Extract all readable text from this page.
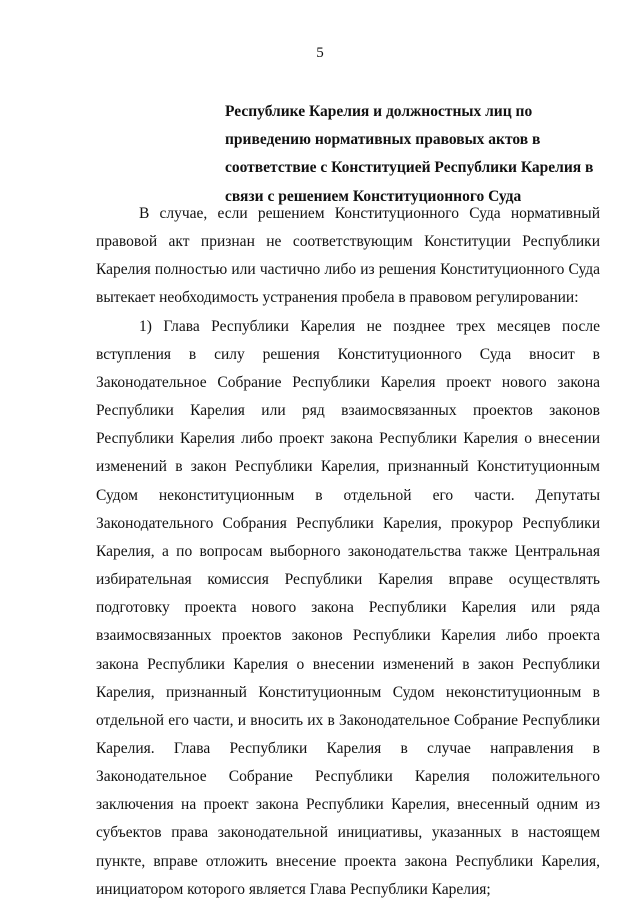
5
Республике Карелия и должностных лиц по
приведению нормативных правовых актов в
соответствие с Конституцией Республики Карелия в
связи с решением Конституционного Суда

В случае, если решением Конституционного Суда нормативный правовой акт признан не соответствующим Конституции Республики Карелия полностью или частично либо из решения Конституционного Суда вытекает необходимость устранения пробела в правовом регулировании:

1) Глава Республики Карелия не позднее трех месяцев после вступления в силу решения Конституционного Суда вносит в Законодательное Собрание Республики Карелия проект нового закона Республики Карелия или ряд взаимосвязанных проектов законов Республики Карелия либо проект закона Республики Карелия о внесении изменений в закон Республики Карелия, признанный Конституционным Судом неконституционным в отдельной его части. Депутаты Законодательного Собрания Республики Карелия, прокурор Республики Карелия, а по вопросам выборного законодательства также Центральная избирательная комиссия Республики Карелия вправе осуществлять подготовку проекта нового закона Республики Карелия или ряда взаимосвязанных проектов законов Республики Карелия либо проекта закона Республики Карелия о внесении изменений в закон Республики Карелия, признанный Конституционным Судом неконституционным в отдельной его части, и вносить их в Законодательное Собрание Республики Карелия. Глава Республики Карелия в случае направления в Законодательное Собрание Республики Карелия положительного заключения на проект закона Республики Карелия, внесенный одним из субъектов права законодательной инициативы, указанных в настоящем пункте, вправе отложить внесение проекта закона Республики Карелия, инициатором которого является Глава Республики Карелия;
